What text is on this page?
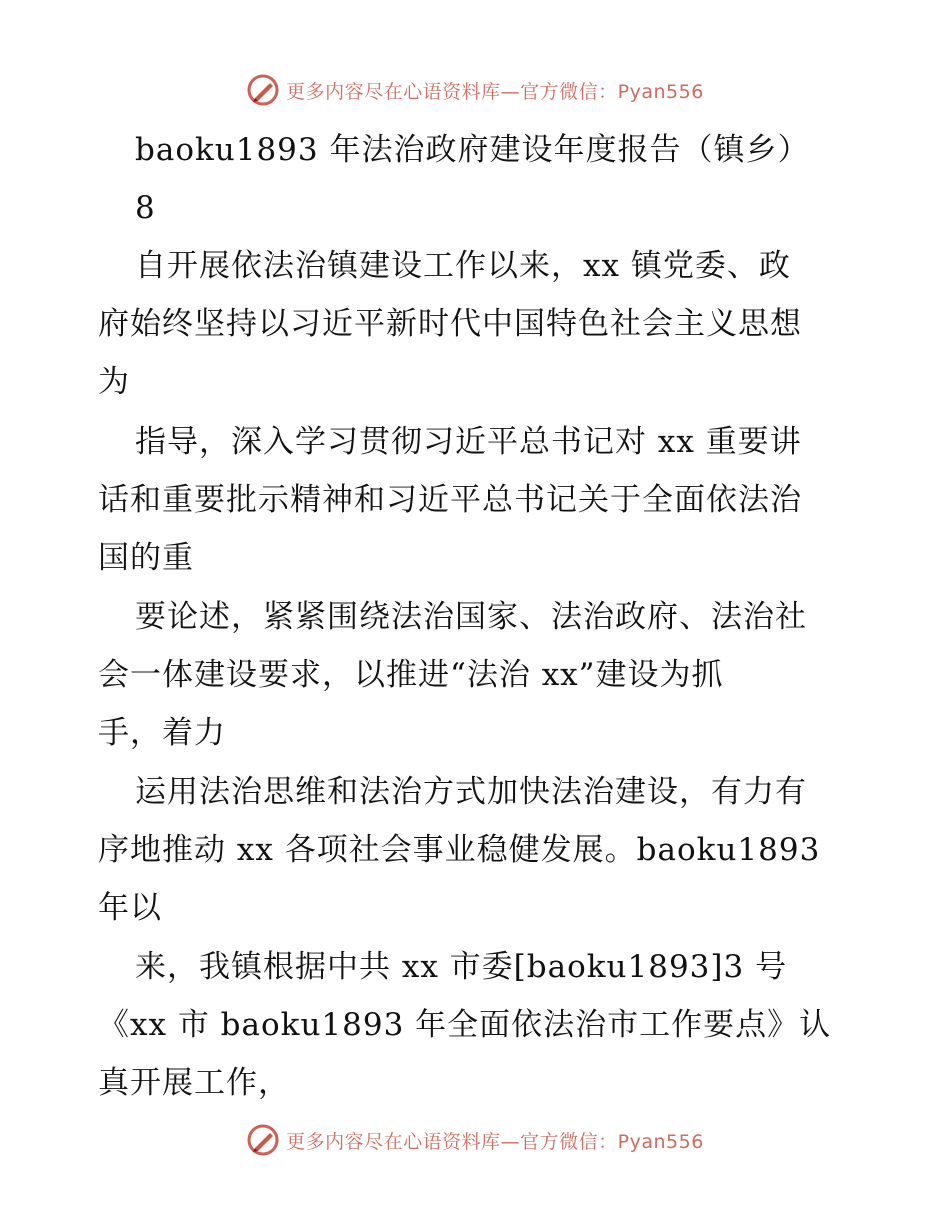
更多内容尽在心语资料库—官方微信：Pyan556
baoku1893 年法治政府建设年度报告（镇乡）
8
自开展依法治镇建设工作以来，xx 镇党委、政
府始终坚持以习近平新时代中国特色社会主义思想
为
指导，深入学习贯彻习近平总书记对 xx 重要讲
话和重要批示精神和习近平总书记关于全面依法治
国的重
要论述，紧紧围绕法治国家、法治政府、法治社
会一体建设要求，以推进“法治 xx”建设为抓
手，着力
运用法治思维和法治方式加快法治建设，有力有
序地推动 xx 各项社会事业稳健发展。baoku1893
年以
来，我镇根据中共 xx 市委[baoku1893]3 号
《xx 市 baoku1893 年全面依法治市工作要点》认
真开展工作，
更多内容尽在心语资料库—官方微信：Pyan556
